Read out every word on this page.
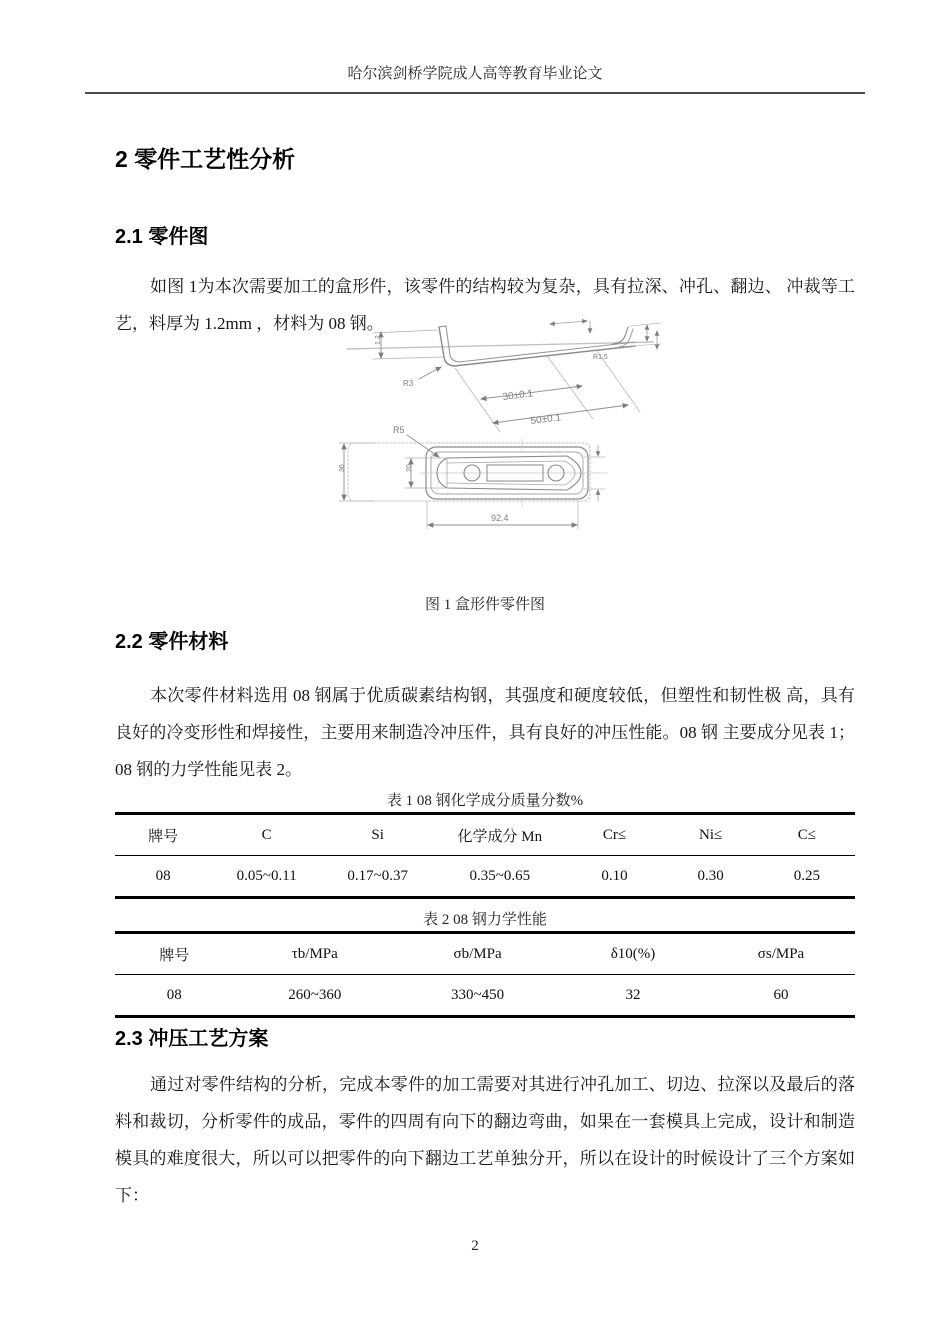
哈尔滨剑桥学院成人高等教育毕业论文
2 零件工艺性分析
2.1 零件图

如图 1为本次需要加工的盒形件，该零件的结构较为复杂，具有拉深、冲孔、翻边、 冲裁等工艺，料厚为 1.2mm ，材料为 08 钢。

1.2
R3
30±0.1
50±0.1
R1.5
36	20
92.4
R5

图 1 盒形件零件图

2.2 零件材料

本次零件材料选用 08 钢属于优质碳素结构钢，其强度和硬度较低，但塑性和韧性极 高，具有良好的冷变形性和焊接性，主要用来制造冷冲压件，具有良好的冲压性能。08 钢 主要成分见表 1；08 钢的力学性能见表 2。

表 1 08 钢化学成分质量分数%

牌号	C	Si	化学成分 Mn	Cr≤	Ni≤	C≤
08	0.05~0.11	0.17~0.37	0.35~0.65	0.10	0.30	0.25

表 2 08 钢力学性能

牌号	τb/MPa	σb/MPa	δ10(%)	σs/MPa
08	260~360	330~450	32	60
2.3 冲压工艺方案

通过对零件结构的分析，完成本零件的加工需要对其进行冲孔加工、切边、拉深以及最后的落料和裁切，分析零件的成品，零件的四周有向下的翻边弯曲，如果在一套模具上完成，设计和制造模具的难度很大，所以可以把零件的向下翻边工艺单独分开，所以在设计的时候设计了三个方案如下：

2
